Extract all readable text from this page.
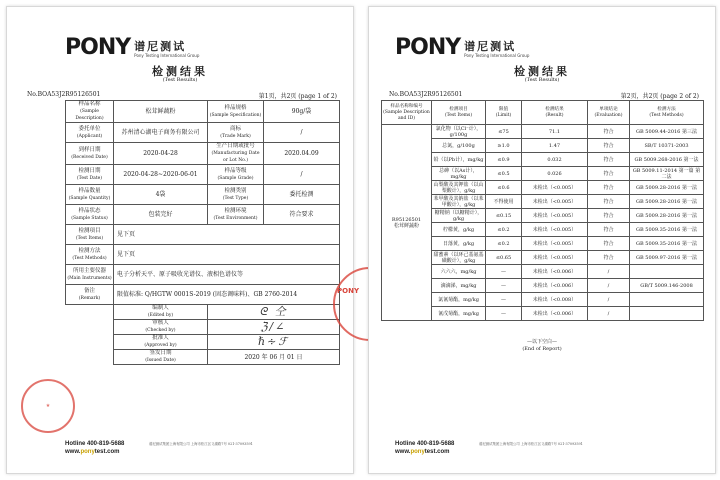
PONY 谱尼测试
Pony Testing International Group
检测结果
(Test Results)
No.BOA53J2R95126501	第1页，共2页 (page 1 of 2)
样品名称
(Sample Description)	松茸鲜蔬粉	样品规格
(Sample Specification)	90g/袋
委托单位
(Applicant)	苏州清心湖电子商务有限公司	商标
(Trade Mark)	/
到样日期
(Received Date)	2020-04-28	生产日期或批号
(Manufacturing Date or Lot No.)	2020.04.09
检测日期
(Test Date)	2020-04-28~2020-06-01	样品等级
(Sample Grade)	/
样品数量
(Sample Quantity)	4袋	检测类别
(Test Type)	委托检测
样品状态
(Sample Status)	包装完好	检测环境
(Test Environment)	符合要求
检测项目
(Test Items)	见下页		
检测方法
(Test Methods)	见下页		
所用主要仪器
(Main Instruments)	电子分析天平、原子吸收光谱仪、液相色谱仪等		
备注
(Remark)	限值标准: Q/HGTW 0001S-2019 (固态调味料)、GB 2760-2014		
	编制人
(Edited by)	ᘓ 仝	
	审核人
(Checked by)	ℨ∕∠	
	批准人
(Approved by)	ℏ∻ℱ	
	签发日期
(Issued Date)	2020 年 06 月 01 日	
★
PONY
Hotline 400-819-5688
www.ponytest.com
谱尼测试集团上海有限公司 上海市松江区义湖路7号 021-37093591
PONY 谱尼测试
Pony Testing International Group
检测结果
(Test Results)
No.BOA53J2R95126501	第2页，共2页 (page 2 of 2)
样品名称和编号
(Sample Description and ID)	检测项目
(Test Items)	限值
(Limit)	检测结果
(Result)	单项结论
(Evaluation)	检测方法
(Test Methods)

R95126501
松茸鲜蔬粉	氯化物（以Cl⁻计），g/100g	≤75	71.1	符合	GB 5009.44-2016 第三法
	总氮，g/100g	≥1.0	1.47	符合	SB/T 10371-2003
	铅（以Pb计），mg/kg	≤0.9	0.032	符合	GB 5009.268-2016 第一法
	总砷（以As计），mg/kg	≤0.5	0.026	符合	GB 5009.11-2014 第一篇 第二法
	山梨酸及其钾盐（以山梨酸计），g/kg	≤0.6	未检出（<0.005）	符合	GB 5009.28-2016 第一法
	苯甲酸及其钠盐（以苯甲酸计），g/kg	不得使用	未检出（<0.005）	符合	GB 5009.28-2016 第一法
	糖精钠（以糖精计），g/kg	≤0.15	未检出（<0.005）	符合	GB 5009.28-2016 第一法
	柠檬黄，g/kg	≤0.2	未检出（<0.005）	符合	GB 5009.35-2016 第一法
	日落黄，g/kg	≤0.2	未检出（<0.005）	符合	GB 5009.35-2016 第一法
	甜蜜素（以环己基氨基磺酸计），g/kg	≤0.65	未检出（<0.005）	符合	GB 5009.97-2016 第一法
	六六六，mg/kg	—	未检出（<0.006）	/	
	滴滴涕，mg/kg	—	未检出（<0.006）	/	GB/T 5009.146-2008
	氯氰菊酯，mg/kg	—	未检出（<0.008）	/	
	氰戊菊酯，mg/kg	—	未检出（<0.006）	/	
—以下空白—
(End of Report)
Hotline 400-819-5688
www.ponytest.com
谱尼测试集团上海有限公司 上海市松江区义湖路7号 021-37093591
